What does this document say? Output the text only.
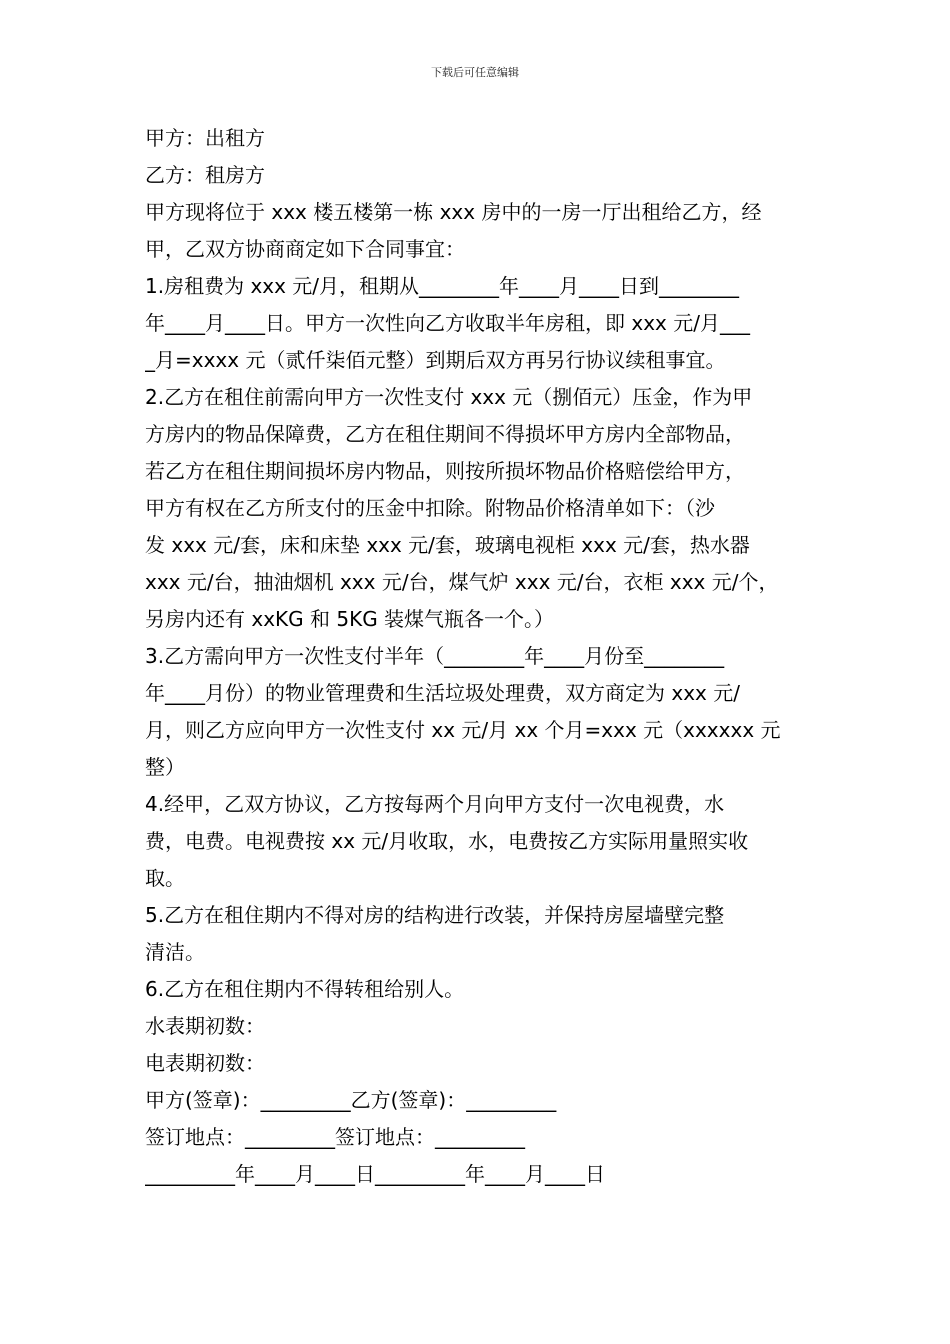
下载后可任意编辑
甲方：出租方
乙方：租房方
甲方现将位于 xxx 楼五楼第一栋 xxx 房中的一房一厅出租给乙方，经
甲，乙双方协商商定如下合同事宜：
1.房租费为 xxx 元/月，租期从________年____月____日到________
年____月____日。甲方一次性向乙方收取半年房租，即 xxx 元/月___
_月=xxxx 元（贰仟柒佰元整）到期后双方再另行协议续租事宜。
2.乙方在租住前需向甲方一次性支付 xxx 元（捌佰元）压金，作为甲
方房内的物品保障费，乙方在租住期间不得损坏甲方房内全部物品，
若乙方在租住期间损坏房内物品，则按所损坏物品价格赔偿给甲方，
甲方有权在乙方所支付的压金中扣除。附物品价格清单如下：（沙
发 xxx 元/套，床和床垫 xxx 元/套，玻璃电视柜 xxx 元/套，热水器
xxx 元/台，抽油烟机 xxx 元/台，煤气炉 xxx 元/台，衣柜 xxx 元/个，
另房内还有 xxKG 和 5KG 装煤气瓶各一个。）
3.乙方需向甲方一次性支付半年（________年____月份至________
年____月份）的物业管理费和生活垃圾处理费，双方商定为 xxx 元/
月，则乙方应向甲方一次性支付 xx 元/月 xx 个月=xxx 元（xxxxxx 元
整）
4.经甲，乙双方协议，乙方按每两个月向甲方支付一次电视费，水
费，电费。电视费按 xx 元/月收取，水，电费按乙方实际用量照实收
取。
5.乙方在租住期内不得对房的结构进行改装，并保持房屋墙壁完整
清洁。
6.乙方在租住期内不得转租给别人。
水表期初数：
电表期初数：
甲方(签章)：_________乙方(签章)：_________
签订地点：_________签订地点：_________
_________年____月____日_________年____月____日
